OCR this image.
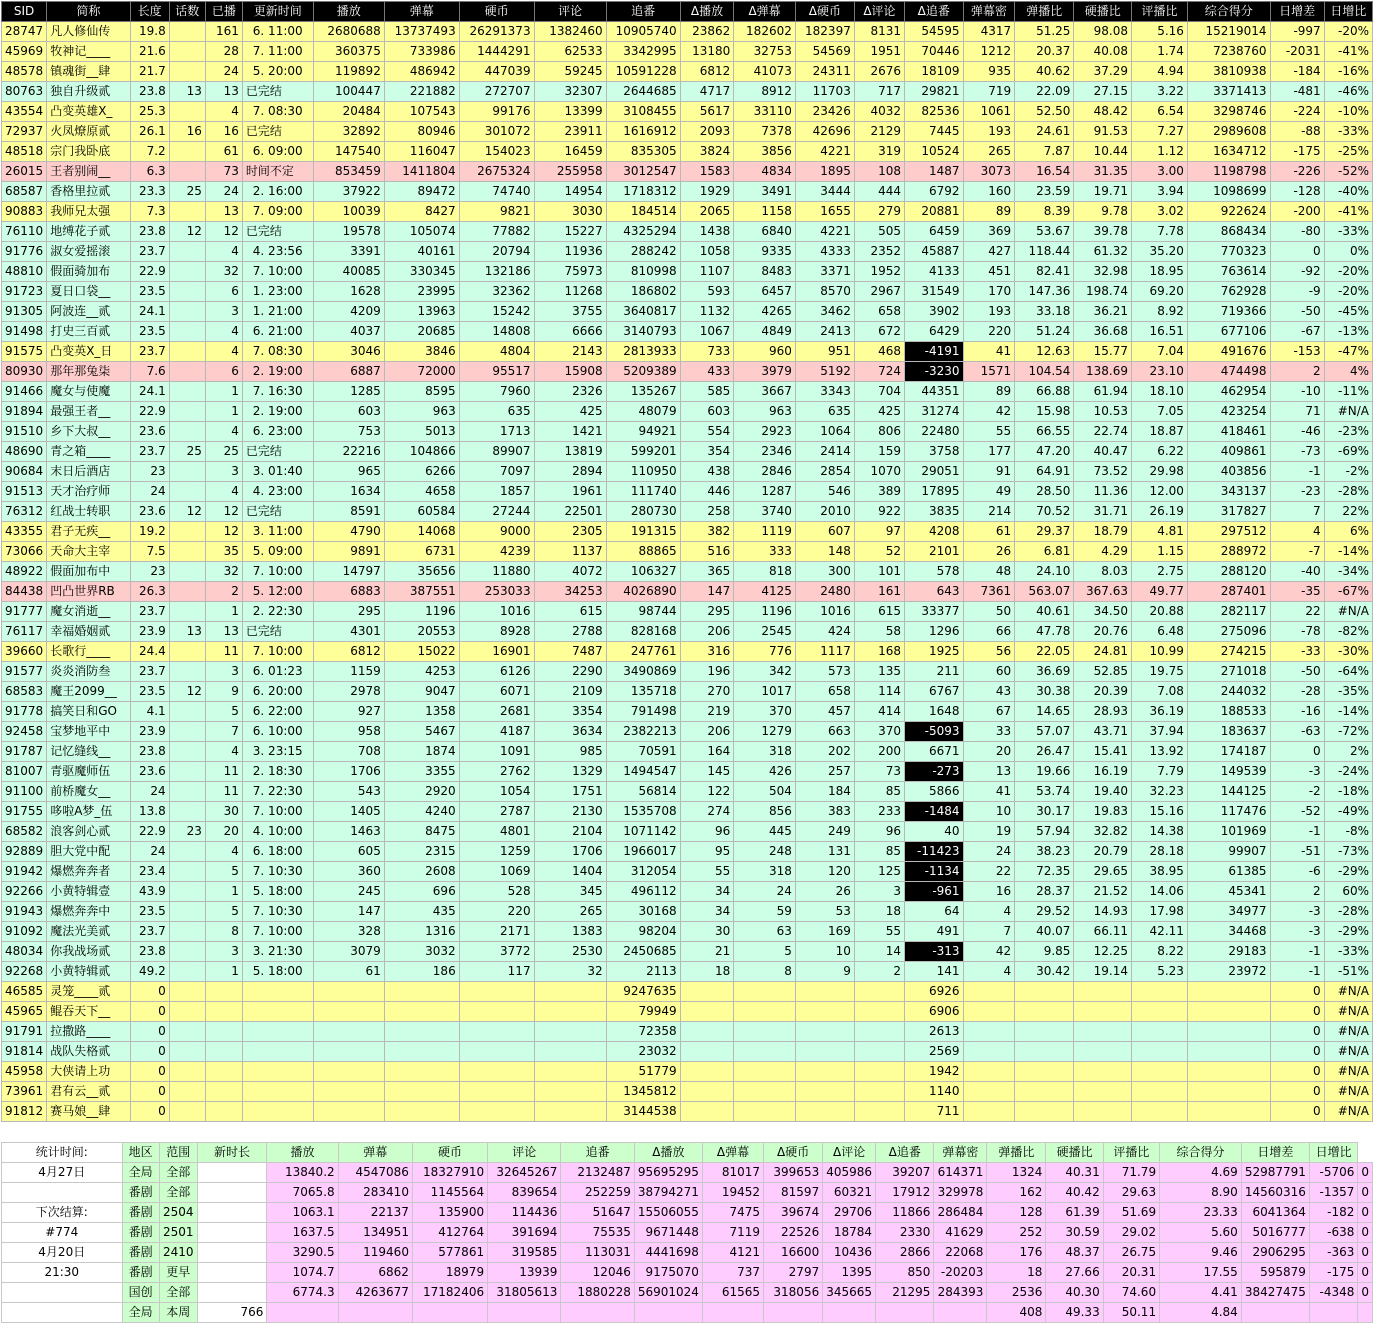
SID	简称	长度	话数	已播	更新时间	播放	弹幕	硬币	评论	追番	Δ播放	Δ弹幕	Δ硬币	Δ评论	Δ追番	弹幕密	弹播比	硬播比	评播比	综合得分	日增差	日增比
28747	凡人修仙传	19.8		161	6. 11:00	2680688	13737493	26291373	1382460	10905740	23862	182602	182397	8131	54595	4317	51.25	98.08	5.16	15219014	-997	-20%
45969	牧神记____	21.6		28	7. 11:00	360375	733986	1444291	62533	3342995	13180	32753	54569	1951	70446	1212	20.37	40.08	1.74	7238760	-2031	-41%
48578	镇魂街__肆	21.7		24	5. 20:00	119892	486942	447039	59245	10591228	6812	41073	24311	2676	18109	935	40.62	37.29	4.94	3810938	-184	-16%
80763	独自升级贰	23.8	13	13	已完结	100447	221882	272707	32307	2644685	4717	8912	11703	717	29821	719	22.09	27.15	3.22	3371413	-481	-46%
43554	凸变英雄X_	25.3		4	7. 08:30	20484	107543	99176	13399	3108455	5617	33110	23426	4032	82536	1061	52.50	48.42	6.54	3298746	-224	-10%
72937	火凤燎原贰	26.1	16	16	已完结	32892	80946	301072	23911	1616912	2093	7378	42696	2129	7445	193	24.61	91.53	7.27	2989608	-88	-33%
48518	宗门我卧底	7.2		61	6. 09:00	147540	116047	154023	16459	835305	3824	3856	4221	319	10524	265	7.87	10.44	1.12	1634712	-175	-25%
26015	王者别闹__	6.3		73	时间不定	853459	1411804	2675324	255958	3012547	1583	4834	1895	108	1487	3073	16.54	31.35	3.00	1198798	-226	-52%
68587	香格里拉贰	23.3	25	24	2. 16:00	37922	89472	74740	14954	1718312	1929	3491	3444	444	6792	160	23.59	19.71	3.94	1098699	-128	-40%
90883	我师兄太强	7.3		13	7. 09:00	10039	8427	9821	3030	184514	2065	1158	1655	279	20881	89	8.39	9.78	3.02	922624	-200	-41%
76110	地缚花子贰	23.8	12	12	已完结	19578	105074	77882	15227	4325294	1438	6840	4221	505	6459	369	53.67	39.78	7.78	868434	-80	-33%
91776	淑女爱摇滚	23.7		4	4. 23:56	3391	40161	20794	11936	288242	1058	9335	4333	2352	45887	427	118.44	61.32	35.20	770323	0	0%
48810	假面骑加布	22.9		32	7. 10:00	40085	330345	132186	75973	810998	1107	8483	3371	1952	4133	451	82.41	32.98	18.95	763614	-92	-20%
91723	夏日口袋__	23.5		6	1. 23:00	1628	23995	32362	11268	186802	593	6457	8570	2967	31549	170	147.36	198.74	69.20	762928	-9	-20%
91305	阿波连__贰	24.1		3	1. 21:00	4209	13963	15242	3755	3640817	1132	4265	3462	658	3902	193	33.18	36.21	8.92	719366	-50	-45%
91498	打史三百贰	23.5		4	6. 21:00	4037	20685	14808	6666	3140793	1067	4849	2413	672	6429	220	51.24	36.68	16.51	677106	-67	-13%
91575	凸变英X_日	23.7		4	7. 08:30	3046	3846	4804	2143	2813933	733	960	951	468	-4191	41	12.63	15.77	7.04	491676	-153	-47%
80930	那年那兔柒	7.6		6	2. 19:00	6887	72000	95517	15908	5209389	433	3979	5192	724	-3230	1571	104.54	138.69	23.10	474498	2	4%
91466	魔女与使魔	24.1		1	7. 16:30	1285	8595	7960	2326	135267	585	3667	3343	704	44351	89	66.88	61.94	18.10	462954	-10	-11%
91894	最强王者__	22.9		1	2. 19:00	603	963	635	425	48079	603	963	635	425	31274	42	15.98	10.53	7.05	423254	71	#N/A
91510	乡下大叔__	23.6		4	6. 23:00	753	5013	1713	1421	94921	554	2923	1064	806	22480	55	66.55	22.74	18.87	418461	-46	-23%
48690	青之箱____	23.7	25	25	已完结	22216	104866	89907	13819	599201	354	2346	2414	159	3758	177	47.20	40.47	6.22	409861	-73	-69%
90684	末日后酒店	23		3	3. 01:40	965	6266	7097	2894	110950	438	2846	2854	1070	29051	91	64.91	73.52	29.98	403856	-1	-2%
91513	天才治疗师	24		4	4. 23:00	1634	4658	1857	1961	111740	446	1287	546	389	17895	49	28.50	11.36	12.00	343137	-23	-28%
76312	红战士转职	23.6	12	12	已完结	8591	60584	27244	22501	280730	258	3740	2010	922	3835	214	70.52	31.71	26.19	317827	7	22%
43355	君子无疾__	19.2		12	3. 11:00	4790	14068	9000	2305	191315	382	1119	607	97	4208	61	29.37	18.79	4.81	297512	4	6%
73066	天命大主宰	7.5		35	5. 09:00	9891	6731	4239	1137	88865	516	333	148	52	2101	26	6.81	4.29	1.15	288972	-7	-14%
48922	假面加布中	23		32	7. 10:00	14797	35656	11880	4072	106327	365	818	300	101	578	48	24.10	8.03	2.75	288120	-40	-34%
84438	凹凸世界RB	26.3		2	5. 12:00	6883	387551	253033	34253	4026890	147	4125	2480	161	643	7361	563.07	367.63	49.77	287401	-35	-67%
91777	魔女消逝__	23.7		1	2. 22:30	295	1196	1016	615	98744	295	1196	1016	615	33377	50	40.61	34.50	20.88	282117	22	#N/A
76117	幸福婚姻贰	23.9	13	13	已完结	4301	20553	8928	2788	828168	206	2545	424	58	1296	66	47.78	20.76	6.48	275096	-78	-82%
39660	长歌行____	24.4		11	7. 10:00	6812	15022	16901	7487	247761	316	776	1117	168	1925	56	22.05	24.81	10.99	274215	-33	-30%
91577	炎炎消防叁	23.7		3	6. 01:23	1159	4253	6126	2290	3490869	196	342	573	135	211	60	36.69	52.85	19.75	271018	-50	-64%
68583	魔王2099__	23.5	12	9	6. 20:00	2978	9047	6071	2109	135718	270	1017	658	114	6767	43	30.38	20.39	7.08	244032	-28	-35%
91778	搞笑日和GO	4.1		5	6. 22:00	927	1358	2681	3354	791498	219	370	457	414	1648	67	14.65	28.93	36.19	188533	-16	-14%
92458	宝梦地平中	23.9		7	6. 10:00	958	5467	4187	3634	2382213	206	1279	663	370	-5093	33	57.07	43.71	37.94	183637	-63	-72%
91787	记忆缝线__	23.8		4	3. 23:15	708	1874	1091	985	70591	164	318	202	200	6671	20	26.47	15.41	13.92	174187	0	2%
81007	青驱魔师伍	23.6		11	2. 18:30	1706	3355	2762	1329	1494547	145	426	257	73	-273	13	19.66	16.19	7.79	149539	-3	-24%
91100	前桥魔女__	24		11	7. 22:30	543	2920	1054	1751	56814	122	504	184	85	5866	41	53.74	19.40	32.23	144125	-2	-18%
91755	哆啦A梦_伍	13.8		30	7. 10:00	1405	4240	2787	2130	1535708	274	856	383	233	-1484	10	30.17	19.83	15.16	117476	-52	-49%
68582	浪客剑心贰	22.9	23	20	4. 10:00	1463	8475	4801	2104	1071142	96	445	249	96	40	19	57.94	32.82	14.38	101969	-1	-8%
92889	胆大党中配	24		4	6. 18:00	605	2315	1259	1706	1966017	95	248	131	85	-11423	24	38.23	20.79	28.18	99907	-51	-73%
91942	爆燃奔奔者	23.4		5	7. 10:30	360	2608	1069	1404	312054	55	318	120	125	-1134	22	72.35	29.65	38.95	61385	-6	-29%
92266	小黄特辑壹	43.9		1	5. 18:00	245	696	528	345	496112	34	24	26	3	-961	16	28.37	21.52	14.06	45341	2	60%
91943	爆燃奔奔中	23.5		5	7. 10:30	147	435	220	265	30168	34	59	53	18	64	4	29.52	14.93	17.98	34977	-3	-28%
91092	魔法光美贰	23.7		8	7. 10:00	328	1316	2171	1383	98204	30	63	169	55	491	7	40.07	66.11	42.11	34468	-3	-29%
48034	你我战场贰	23.8		3	3. 21:30	3079	3032	3772	2530	2450685	21	5	10	14	-313	42	9.85	12.25	8.22	29183	-1	-33%
92268	小黄特辑贰	49.2		1	5. 18:00	61	186	117	32	2113	18	8	9	2	141	4	30.42	19.14	5.23	23972	-1	-51%
46585	灵笼____贰	0								9247635					6926						0	#N/A
45965	鲲吞天下__	0								79949					6906						0	#N/A
91791	拉撒路____	0								72358					2613						0	#N/A
91814	战队失格贰	0								23032					2569						0	#N/A
45958	大侠请上功	0								51779					1942						0	#N/A
73961	君有云__贰	0								1345812					1140						0	#N/A
91812	赛马娘__肆	0								3144538					711						0	#N/A
统计时间:	地区	范围	新时长	播放	弹幕	硬币	评论	追番	Δ播放	Δ弹幕	Δ硬币	Δ评论	Δ追番	弹幕密	弹播比	硬播比	评播比	综合得分	日增差	日增比	
4月27日	全局	全部		13840.2	4547086	18327910	32645267	2132487	95695295	81017	399653	405986	39207	614371	1324	40.31	71.79	4.69	52987791	-5706	0
	番剧	全部		7065.8	283410	1145564	839654	252259	38794271	19452	81597	60321	17912	329978	162	40.42	29.63	8.90	14560316	-1357	0
下次结算:	番剧	2504		1063.1	22137	135900	114436	51647	15506055	7475	39674	29706	11866	286484	128	61.39	51.69	23.33	6041364	-182	0
#774	番剧	2501		1637.5	134951	412764	391694	75535	9671448	7119	22526	18784	2330	41629	252	30.59	29.02	5.60	5016777	-638	0
4月20日	番剧	2410		3290.5	119460	577861	319585	113031	4441698	4121	16600	10436	2866	22068	176	48.37	26.75	9.46	2906295	-363	0
21:30	番剧	更早		1074.7	6862	18979	13939	12046	9175070	737	2797	1395	850	-20203	18	27.66	20.31	17.55	595879	-175	0
	国创	全部		6774.3	4263677	17182406	31805613	1880228	56901024	61565	318056	345665	21295	284393	2536	40.30	74.60	4.41	38427475	-4348	0
	全局	本周	766												408	49.33	50.11	4.84			
